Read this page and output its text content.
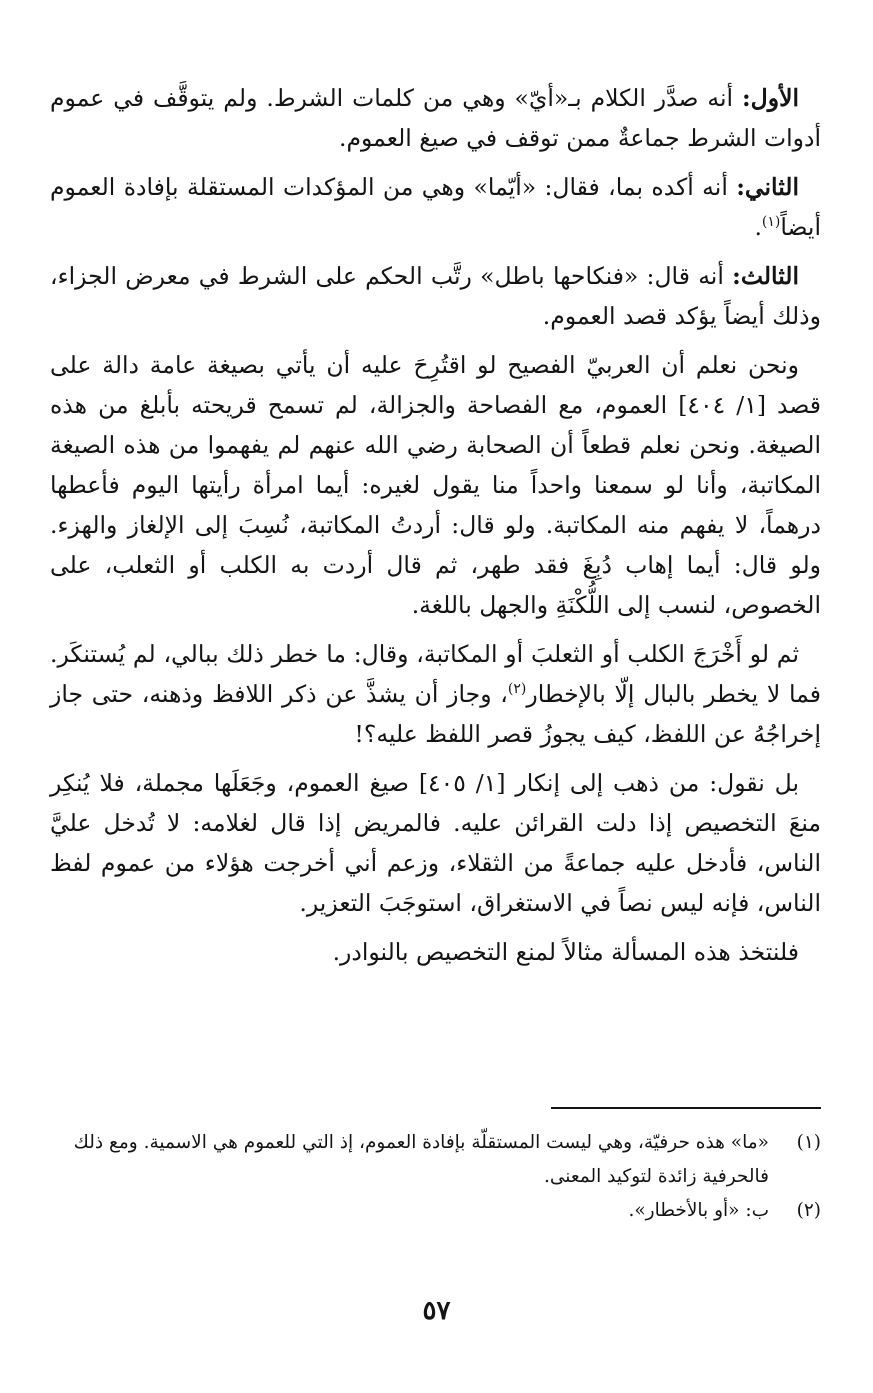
الأول: أنه صدَّر الكلام بـ«أيّ» وهي من كلمات الشرط. ولم يتوقَّف في عموم أدوات الشرط جماعةٌ ممن توقف في صيغ العموم.

الثاني: أنه أكده بما، فقال: «أيّما» وهي من المؤكدات المستقلة بإفادة العموم أيضاً$^{(١)}$.

الثالث: أنه قال: «فنكاحها باطل» رتَّب الحكم على الشرط في معرض الجزاء، وذلك أيضاً يؤكد قصد العموم.

ونحن نعلم أن العربيّ الفصيح لو اقتُرِحَ عليه أن يأتي بصيغة عامة دالة على قصد [١/ ٤٠٤] العموم، مع الفصاحة والجزالة، لم تسمح قريحته بأبلغ من هذه الصيغة. ونحن نعلم قطعاً أن الصحابة رضي الله عنهم لم يفهموا من هذه الصيغة المكاتبة، وأنا لو سمعنا واحداً منا يقول لغيره: أيما امرأة رأيتها اليوم فأعطها درهماً، لا يفهم منه المكاتبة. ولو قال: أردتُ المكاتبة، نُسِبَ إلى الإلغاز والهزء. ولو قال: أيما إهاب دُبِغَ فقد طهر، ثم قال أردت به الكلب أو الثعلب، على الخصوص، لنسب إلى اللُّكْنَةِ والجهل باللغة.

ثم لو أَخْرَجَ الكلب أو الثعلبَ أو المكاتبة، وقال: ما خطر ذلك ببالي، لم يُستنكَر. فما لا يخطر بالبال إلّا بالإخطار$^{(٢)}$، وجاز أن يشذَّ عن ذكر اللافظ وذهنه، حتى جاز إخراجُهُ عن اللفظ، كيف يجوزُ قصر اللفظ عليه؟!

بل نقول: من ذهب إلى إنكار [١/ ٤٠٥] صيغ العموم، وجَعَلَها مجملة، فلا يُنكِر منعَ التخصيص إذا دلت القرائن عليه. فالمريض إذا قال لغلامه: لا تُدخل عليَّ الناس، فأدخل عليه جماعةً من الثقلاء، وزعم أني أخرجت هؤلاء من عموم لفظ الناس، فإنه ليس نصاً في الاستغراق، استوجَبَ التعزير.

فلنتخذ هذه المسألة مثالاً لمنع التخصيص بالنوادر.

(١)
«ما» هذه حرفيّة، وهي ليست المستقلّة بإفادة العموم، إذ التي للعموم هي الاسمية. ومع ذلك فالحرفية زائدة لتوكيد المعنى.
(٢)
ب: «أو بالأخطار».
٥٧
